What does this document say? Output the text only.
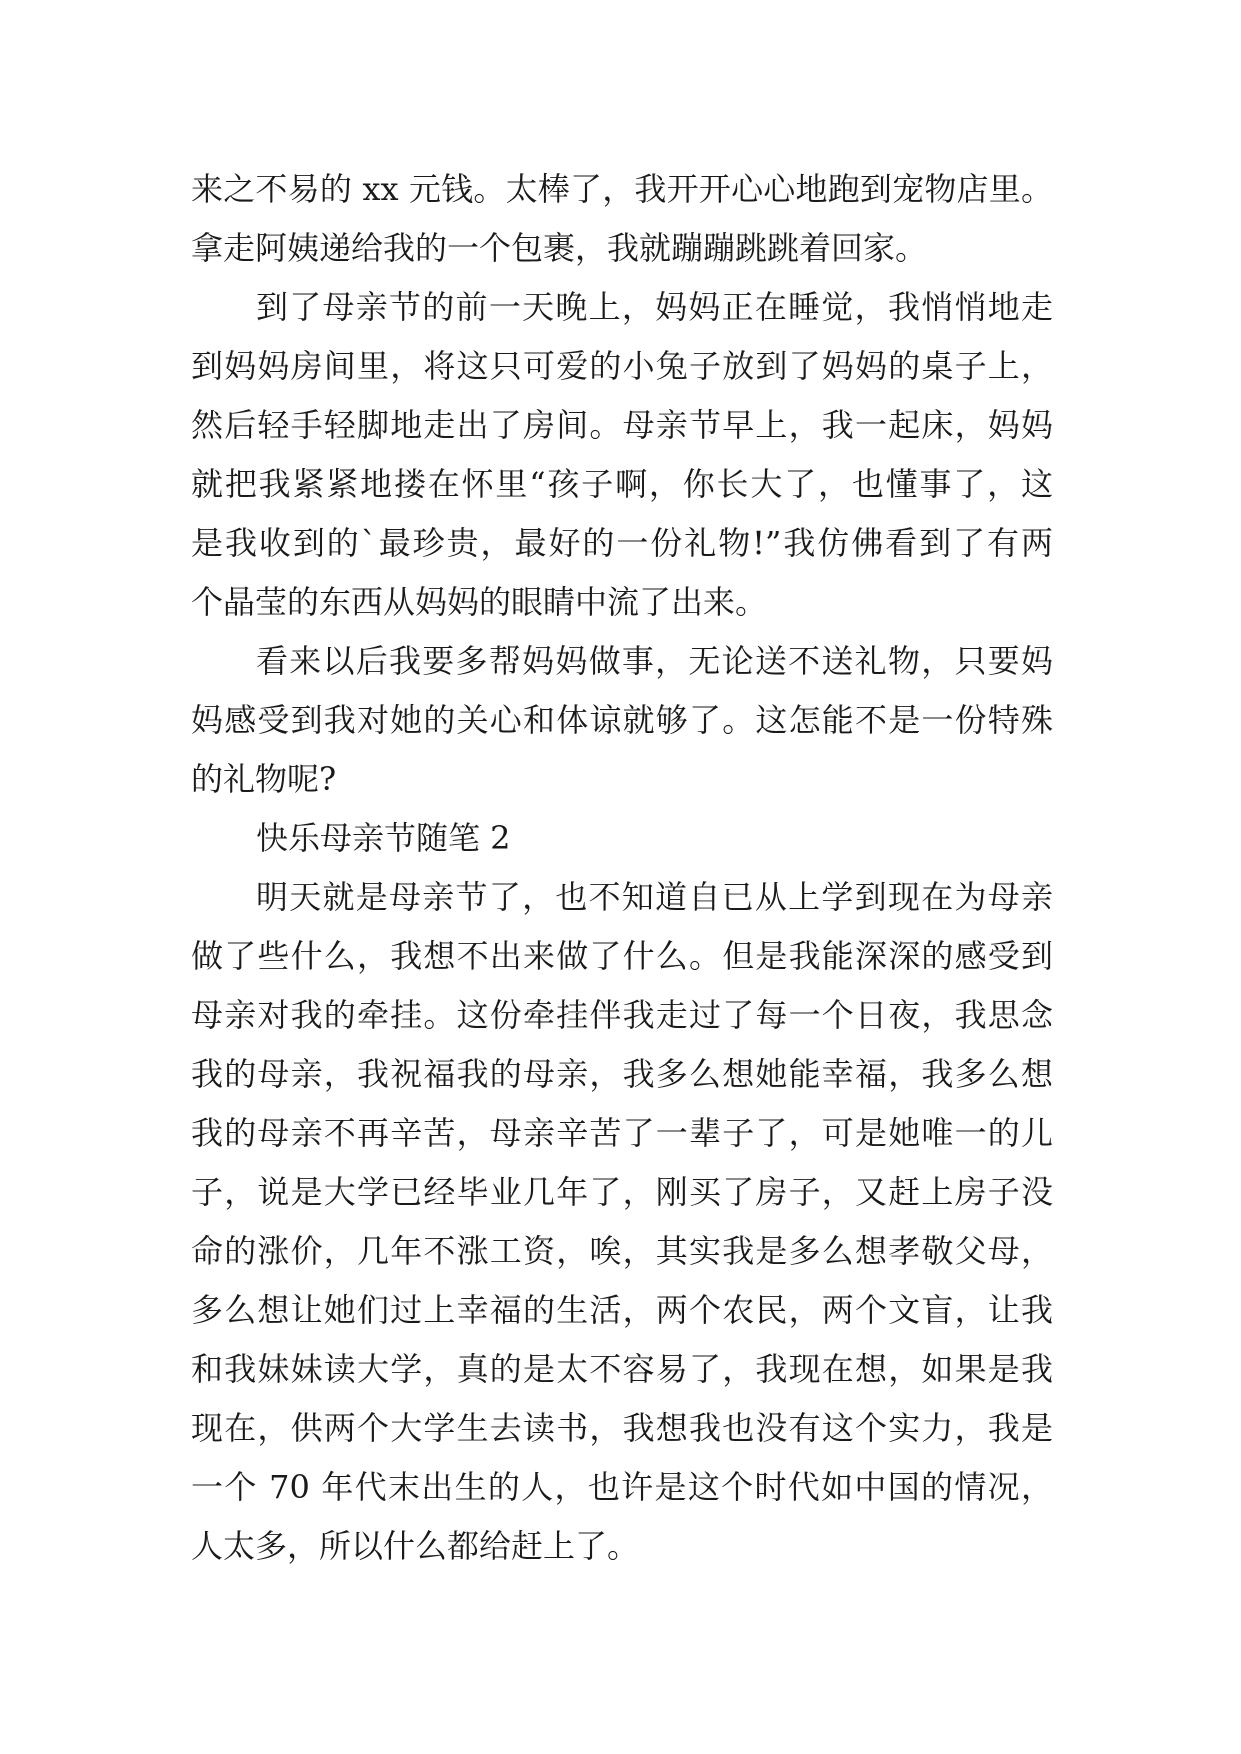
来之不易的 xx 元钱。太棒了，我开开心心地跑到宠物店里。
拿走阿姨递给我的一个包裹，我就蹦蹦跳跳着回家。
到了母亲节的前一天晚上，妈妈正在睡觉，我悄悄地走
到妈妈房间里，将这只可爱的小兔子放到了妈妈的桌子上，
然后轻手轻脚地走出了房间。母亲节早上，我一起床，妈妈
就把我紧紧地搂在怀里“孩子啊，你长大了，也懂事了，这
是我收到的`最珍贵，最好的一份礼物!”我仿佛看到了有两
个晶莹的东西从妈妈的眼睛中流了出来。
看来以后我要多帮妈妈做事，无论送不送礼物，只要妈
妈感受到我对她的关心和体谅就够了。这怎能不是一份特殊
的礼物呢?
快乐母亲节随笔 2
明天就是母亲节了，也不知道自已从上学到现在为母亲
做了些什么，我想不出来做了什么。但是我能深深的感受到
母亲对我的牵挂。这份牵挂伴我走过了每一个日夜，我思念
我的母亲，我祝福我的母亲，我多么想她能幸福，我多么想
我的母亲不再辛苦，母亲辛苦了一辈子了，可是她唯一的儿
子，说是大学已经毕业几年了，刚买了房子，又赶上房子没
命的涨价，几年不涨工资，唉，其实我是多么想孝敬父母，
多么想让她们过上幸福的生活，两个农民，两个文盲，让我
和我妹妹读大学，真的是太不容易了，我现在想，如果是我
现在，供两个大学生去读书，我想我也没有这个实力，我是
一个 70 年代末出生的人，也许是这个时代如中国的情况，
人太多，所以什么都给赶上了。
